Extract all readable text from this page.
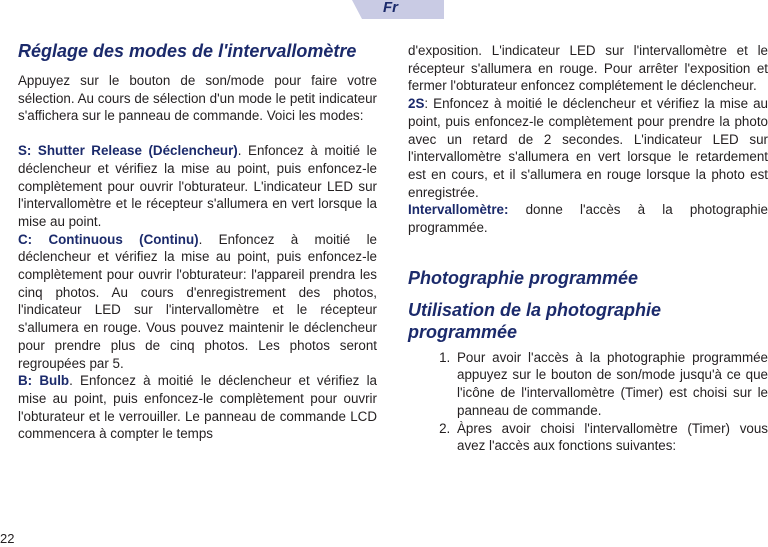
Fr
Réglage des modes de l'intervallomètre

Appuyez sur le bouton de son/mode pour faire votre sélection. Au cours de sélection d'un mode le petit indicateur s'affichera sur le panneau de commande. Voici les modes:

S: Shutter Release (Déclencheur). Enfoncez à moitié le déclencheur et vérifiez la mise au point, puis enfoncez-le complètement pour ouvrir l'obturateur. L'indicateur LED sur l'intervallomètre et le récepteur s'allumera en vert lorsque la mise au point.

C: Continuous (Continu). Enfoncez à moitié le déclencheur et vérifiez la mise au point, puis enfoncez-le complètement pour ouvrir l'obturateur: l'appareil prendra les cinq photos. Au cours d'enregistrement des photos, l'indicateur LED sur l'intervallomètre et le récepteur s'allumera en rouge. Vous pouvez maintenir le déclencheur pour prendre plus de cinq photos. Les photos seront regroupées par 5.

B: Bulb. Enfoncez à moitié le déclencheur et vérifiez la mise au point, puis enfoncez-le complètement pour ouvrir l'obturateur et le verrouiller. Le panneau de commande LCD commencera à compter le temps

d'exposition. L'indicateur LED sur l'intervallomètre et le récepteur s'allumera en rouge. Pour arrêter l'exposition et fermer l'obturateur enfoncez complétement le déclencheur.

2S: Enfoncez à moitié le déclencheur et vérifiez la mise au point, puis enfoncez-le complètement pour prendre la photo avec un retard de 2 secondes. L'indicateur LED sur l'intervallomètre s'allumera en vert lorsque le retardement est en cours, et il s'allumera en rouge lorsque la photo est enregistrée.

Intervallomètre: donne l'accès à la photographie programmée.

Photographie programmée
Utilisation de la photographie programmée
1. Pour avoir l'accès à la photographie programmée appuyez sur le bouton de son/mode jusqu'à ce que l'icône de l'intervallomètre (Timer) est choisi sur le panneau de commande.
2. Àpres avoir choisi l'intervallomètre (Timer) vous avez l'accès aux fonctions suivantes:
22
